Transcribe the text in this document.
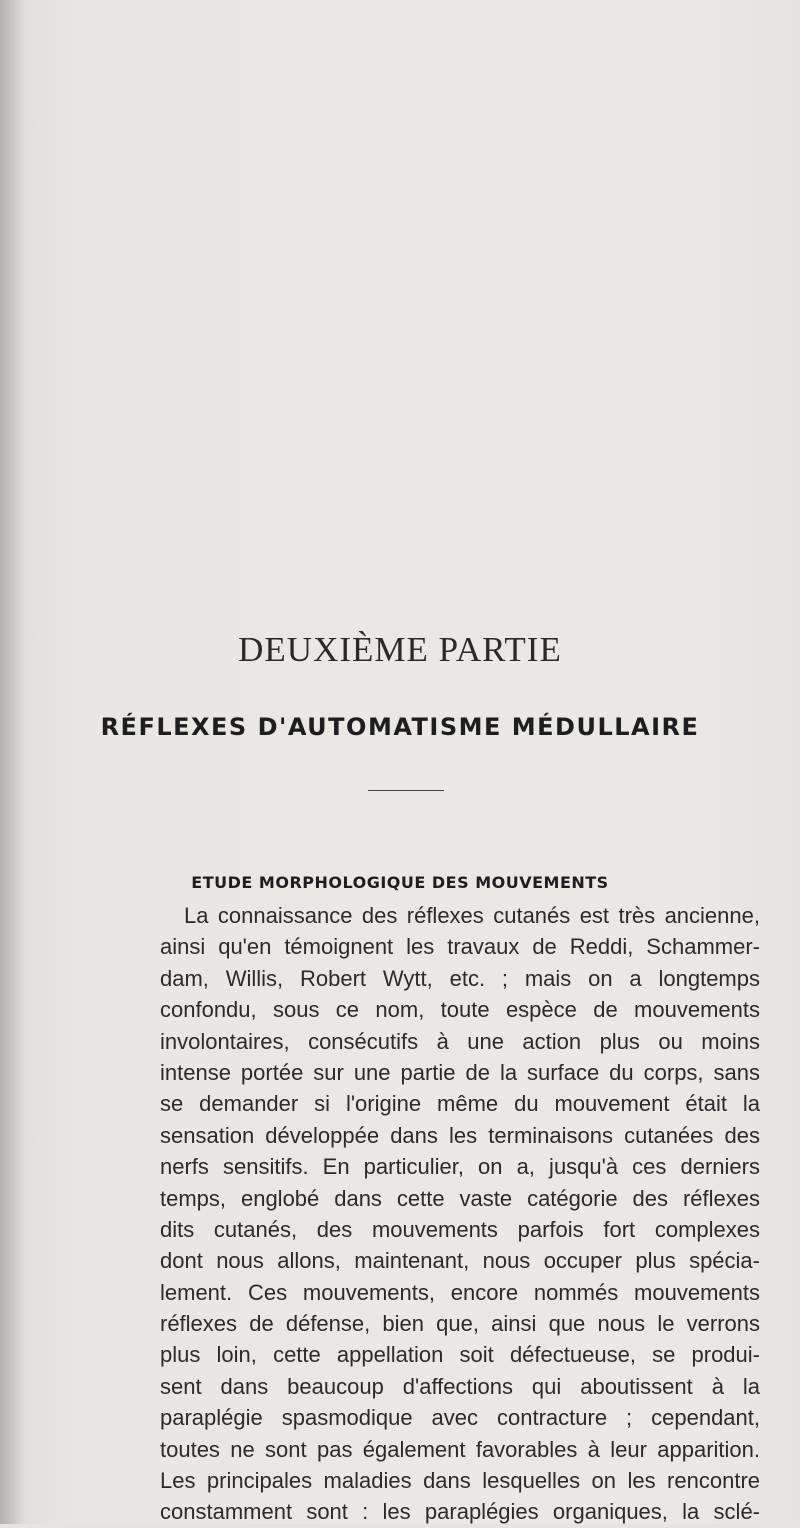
DEUXIÈME PARTIE
RÉFLEXES D'AUTOMATISME MÉDULLAIRE
ETUDE MORPHOLOGIQUE DES MOUVEMENTS
La connaissance des réflexes cutanés est très ancienne,
ainsi qu'en témoignent les travaux de Reddi, Schammer-
dam, Willis, Robert Wytt, etc. ; mais on a longtemps
confondu, sous ce nom, toute espèce de mouvements
involontaires, consécutifs à une action plus ou moins
intense portée sur une partie de la surface du corps, sans
se demander si l'origine même du mouvement était la
sensation développée dans les terminaisons cutanées des
nerfs sensitifs. En particulier, on a, jusqu'à ces derniers
temps, englobé dans cette vaste catégorie des réflexes
dits cutanés, des mouvements parfois fort complexes
dont nous allons, maintenant, nous occuper plus spécia-
lement. Ces mouvements, encore nommés mouvements
réflexes de défense, bien que, ainsi que nous le verrons
plus loin, cette appellation soit défectueuse, se produi-
sent dans beaucoup d'affections qui aboutissent à la
paraplégie spasmodique avec contracture ; cependant,
toutes ne sont pas également favorables à leur apparition.
Les principales maladies dans lesquelles on les rencontre
constamment sont : les paraplégies organiques, la sclé-
